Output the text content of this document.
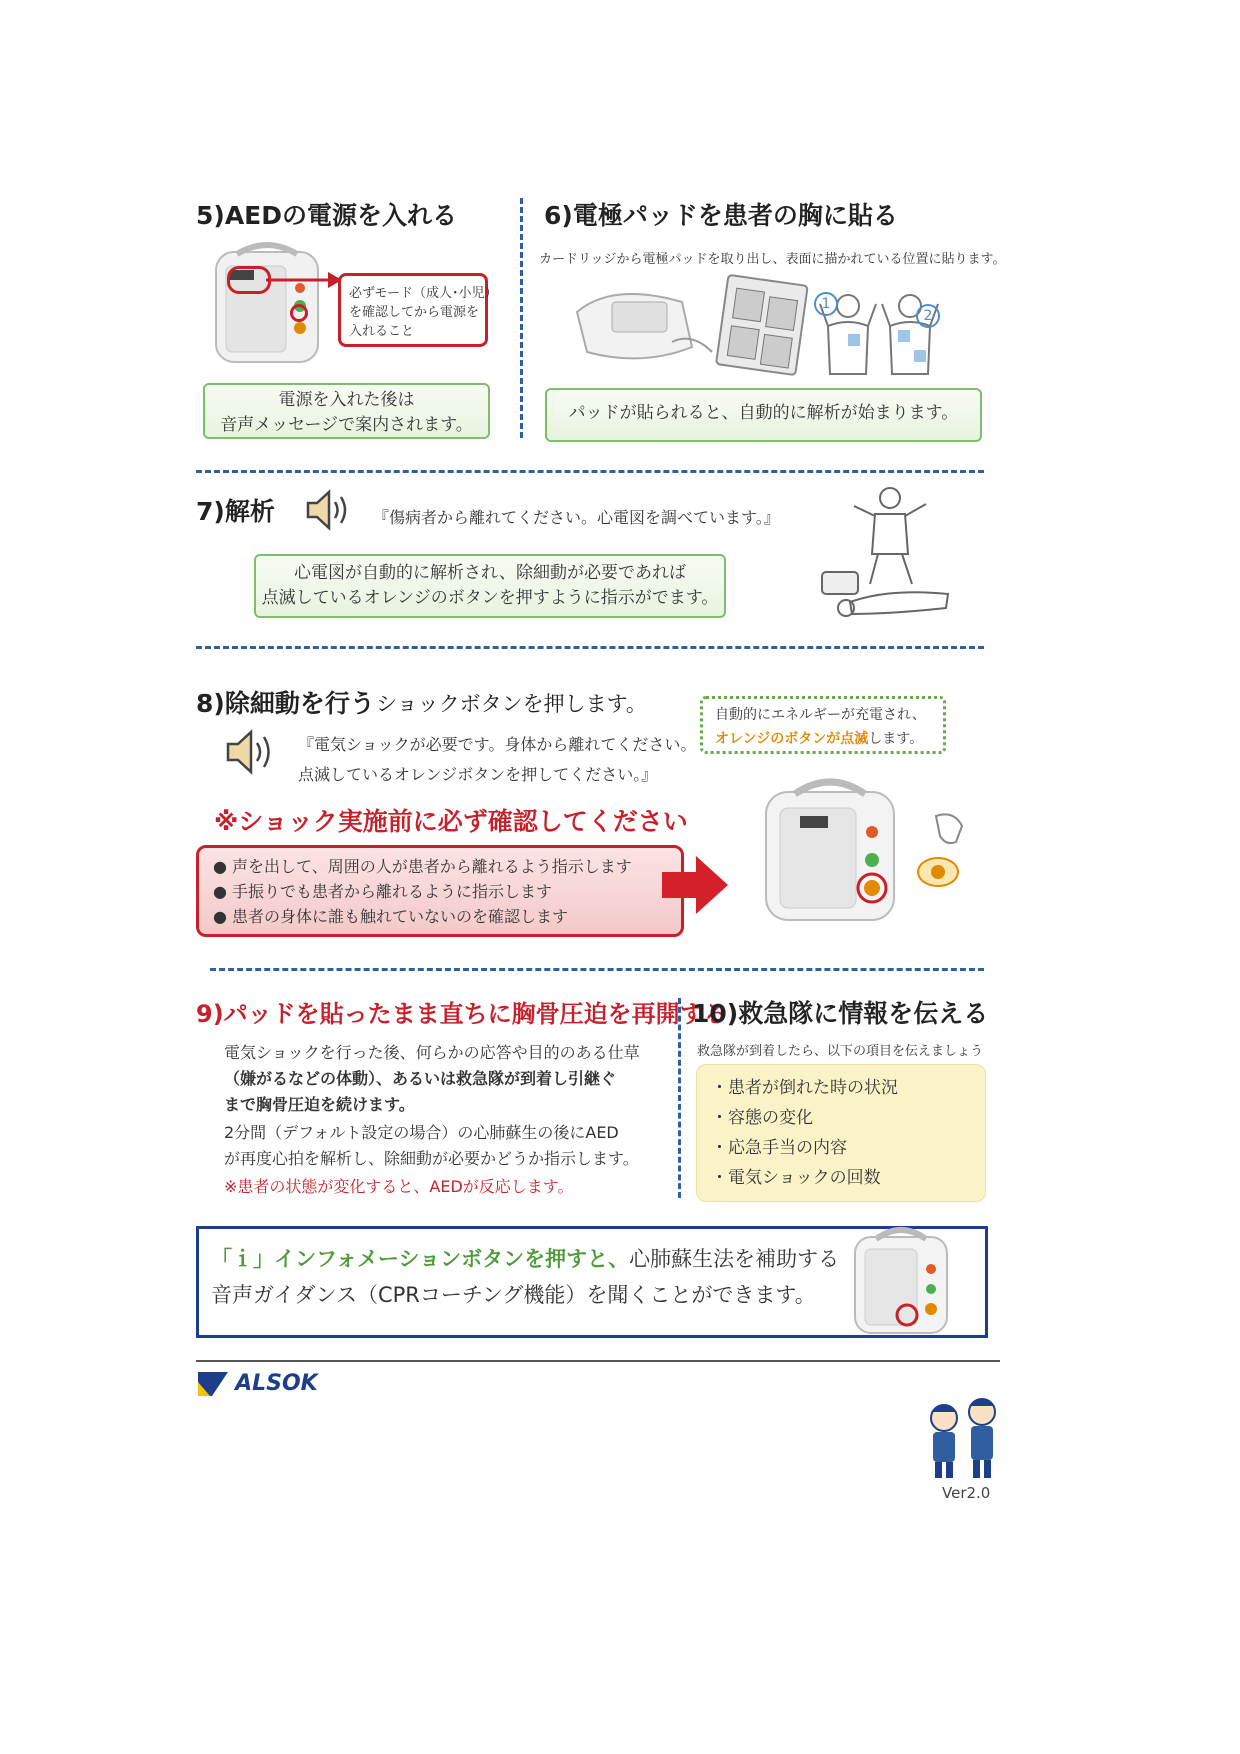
5)AEDの電源を入れる
必ずモード（成人･小児）
を確認してから電源を
入れること
電源を入れた後は
音声メッセージで案内されます。
6)電極パッドを患者の胸に貼る
カードリッジから電極パッドを取り出し、表面に描かれている位置に貼ります。
1
2
パッドが貼られると、自動的に解析が始まります。
7)解析	『傷病者から離れてください。心電図を調べています。』
心電図が自動的に解析され、除細動が必要であれば
点滅しているオレンジのボタンを押すように指示がでます。
8)除細動を行う ショックボタンを押します。	自動的にエネルギーが充電され、
オレンジのボタンが点滅します。
『電気ショックが必要です。身体から離れてください。
点滅しているオレンジボタンを押してください。』
※ショック実施前に必ず確認してください
● 声を出して、周囲の人が患者から離れるよう指示します
● 手振りでも患者から離れるように指示します
● 患者の身体に誰も触れていないのを確認します
9)パッドを貼ったまま直ちに胸骨圧迫を再開する
電気ショックを行った後、何らかの応答や目的のある仕草
（嫌がるなどの体動）、あるいは救急隊が到着し引継ぐ
まで胸骨圧迫を続けます。
2分間（デフォルト設定の場合）の心肺蘇生の後にAED
が再度心拍を解析し、除細動が必要かどうか指示します。
※患者の状態が変化すると、AEDが反応します。
10)救急隊に情報を伝える
救急隊が到着したら、以下の項目を伝えましょう
・患者が倒れた時の状況
・容態の変化
・応急手当の内容
・電気ショックの回数
「ｉ」インフォメーションボタンを押すと、心肺蘇生法を補助する
音声ガイダンス（CPRコーチング機能）を聞くことができます。
ALSOK
Ver2.0
